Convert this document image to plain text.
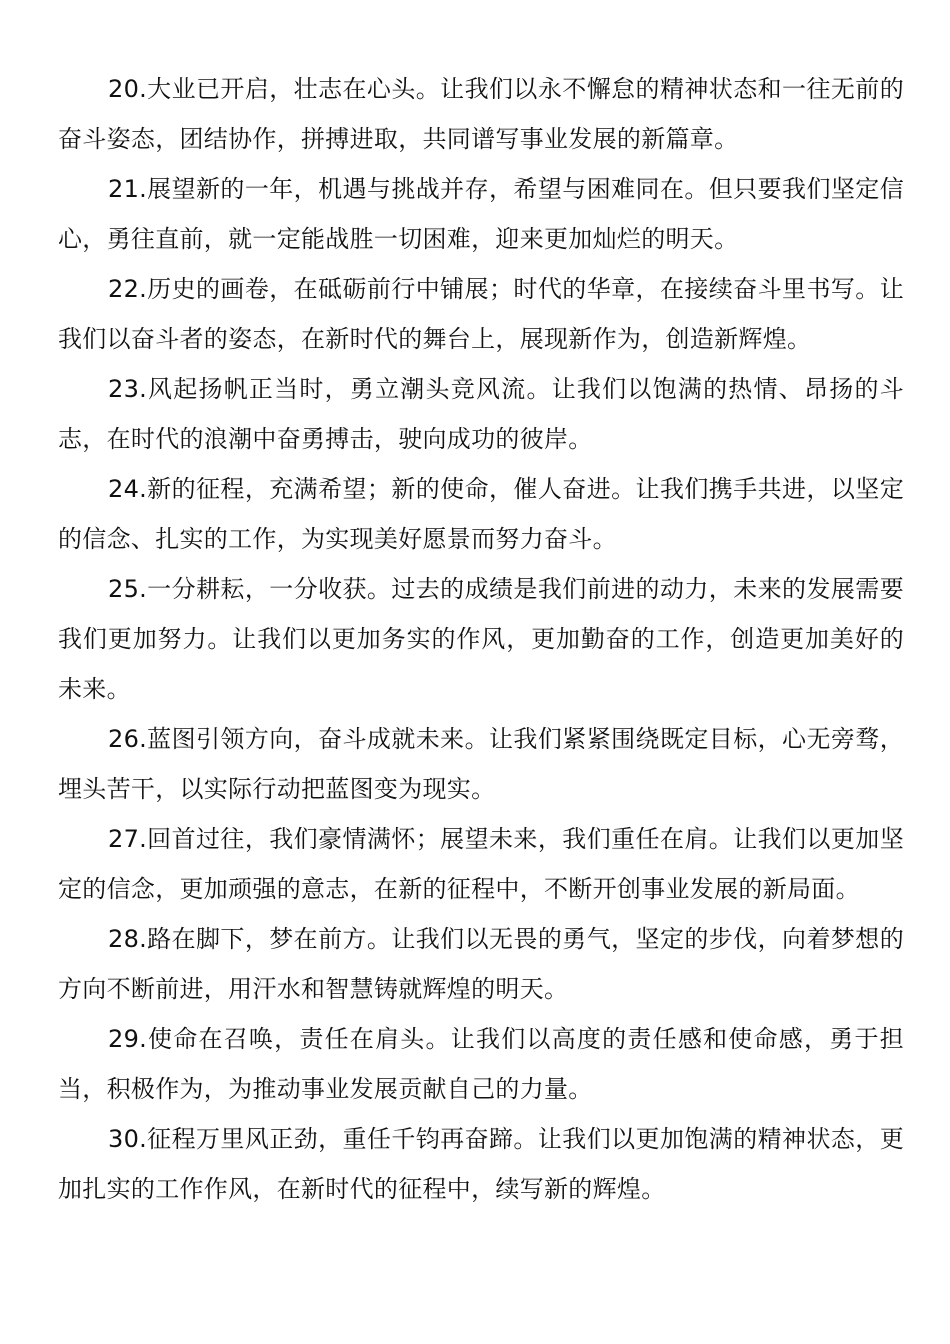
20.大业已开启，壮志在心头。让我们以永不懈怠的精神状态和一往无前的奋斗姿态，团结协作，拼搏进取，共同谱写事业发展的新篇章。

21.展望新的一年，机遇与挑战并存，希望与困难同在。但只要我们坚定信心，勇往直前，就一定能战胜一切困难，迎来更加灿烂的明天。

22.历史的画卷，在砥砺前行中铺展；时代的华章，在接续奋斗里书写。让我们以奋斗者的姿态，在新时代的舞台上，展现新作为，创造新辉煌。

23.风起扬帆正当时，勇立潮头竞风流。让我们以饱满的热情、昂扬的斗志，在时代的浪潮中奋勇搏击，驶向成功的彼岸。

24.新的征程，充满希望；新的使命，催人奋进。让我们携手共进，以坚定的信念、扎实的工作，为实现美好愿景而努力奋斗。

25.一分耕耘，一分收获。过去的成绩是我们前进的动力，未来的发展需要我们更加努力。让我们以更加务实的作风，更加勤奋的工作，创造更加美好的未来。

26.蓝图引领方向，奋斗成就未来。让我们紧紧围绕既定目标，心无旁骛，埋头苦干，以实际行动把蓝图变为现实。

27.回首过往，我们豪情满怀；展望未来，我们重任在肩。让我们以更加坚定的信念，更加顽强的意志，在新的征程中，不断开创事业发展的新局面。

28.路在脚下，梦在前方。让我们以无畏的勇气，坚定的步伐，向着梦想的方向不断前进，用汗水和智慧铸就辉煌的明天。

29.使命在召唤，责任在肩头。让我们以高度的责任感和使命感，勇于担当，积极作为，为推动事业发展贡献自己的力量。

30.征程万里风正劲，重任千钧再奋蹄。让我们以更加饱满的精神状态，更加扎实的工作作风，在新时代的征程中，续写新的辉煌。
